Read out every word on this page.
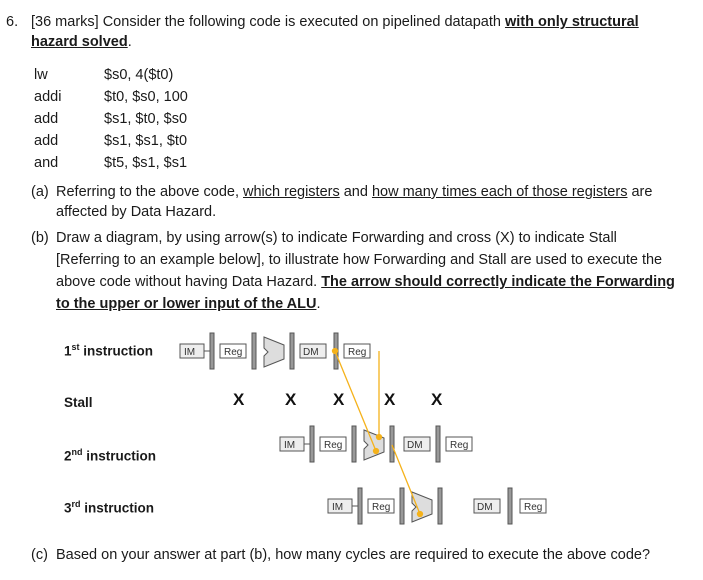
6. [36 marks] Consider the following code is executed on pipelined datapath with only structural
hazard solved.
lw	$s0, 4($t0)
addi	$t0, $s0, 100
add	$s1, $t0, $s0
add	$s1, $s1, $t0
and	$t5, $s1, $s1
(a) Referring to the above code, which registers and how many times each of those registers are
affected by Data Hazard.
(b) Draw a diagram, by using arrow(s) to indicate Forwarding and cross (X) to indicate Stall
[Referring to an example below], to illustrate how Forwarding and Stall are used to execute the
above code without having Data Hazard. The arrow should correctly indicate the Forwarding
to the upper or lower input of the ALU.
1st instruction
Stall
2nd instruction
3rd instruction
IM	Reg	DM	Reg
X X X X X
IM	Reg	DM	Reg
IM	Reg	DM	Reg
(c) Based on your answer at part (b), how many cycles are required to execute the above code?
